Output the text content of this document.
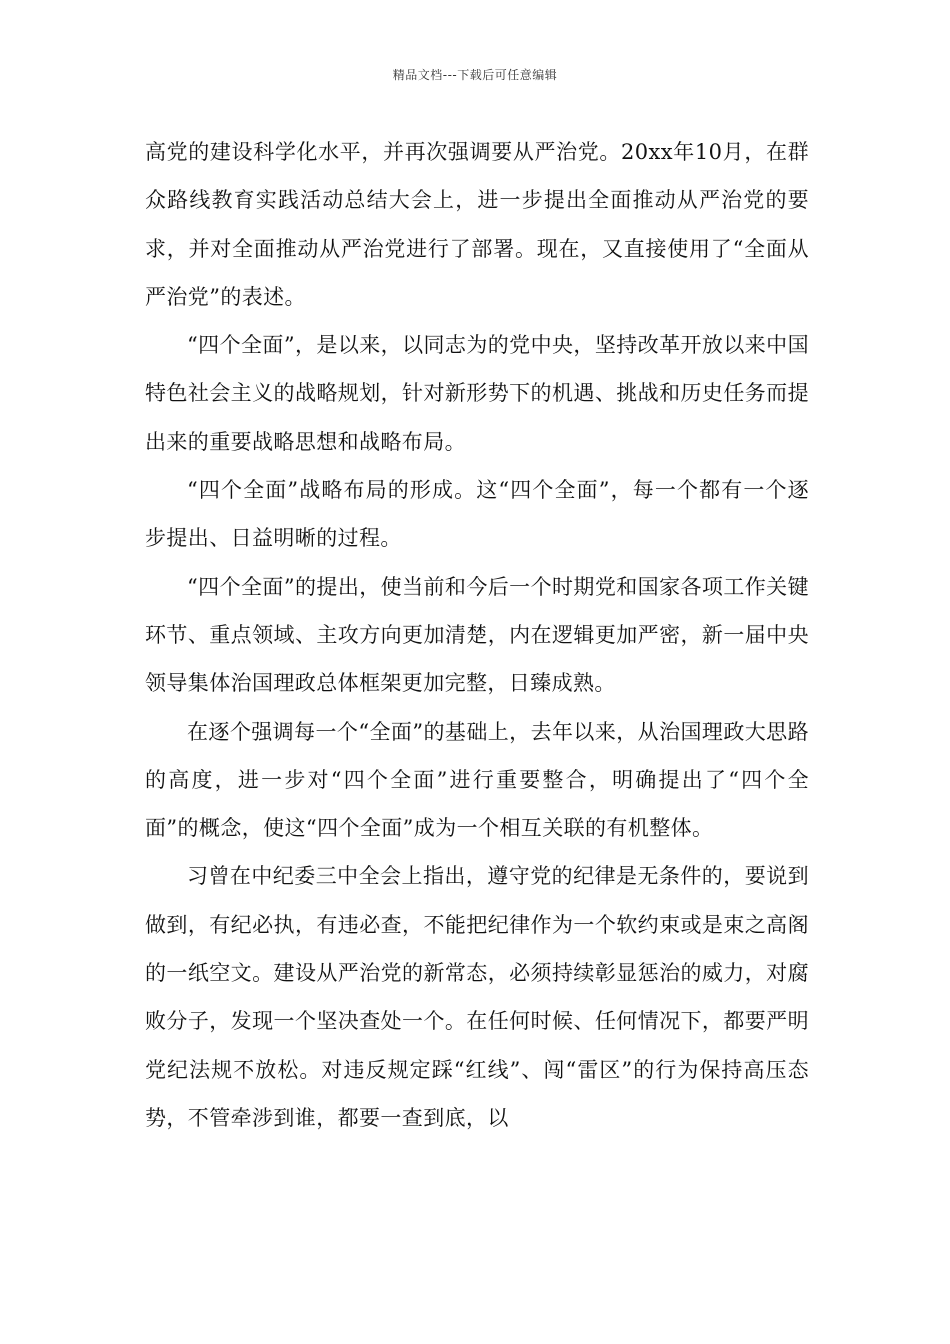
精品文档---下载后可任意编辑

高党的建设科学化水平，并再次强调要从严治党。20xx年10月，在群众路线教育实践活动总结大会上，进一步提出全面推动从严治党的要求，并对全面推动从严治党进行了部署。现在，又直接使用了“全面从严治党”的表述。

“四个全面”，是以来，以同志为的党中央，坚持改革开放以来中国特色社会主义的战略规划，针对新形势下的机遇、挑战和历史任务而提出来的重要战略思想和战略布局。

“四个全面”战略布局的形成。这“四个全面”，每一个都有一个逐步提出、日益明晰的过程。

“四个全面”的提出，使当前和今后一个时期党和国家各项工作关键环节、重点领域、主攻方向更加清楚，内在逻辑更加严密，新一届中央领导集体治国理政总体框架更加完整，日臻成熟。

在逐个强调每一个“全面”的基础上，去年以来，从治国理政大思路的高度，进一步对“四个全面”进行重要整合，明确提出了“四个全面”的概念，使这“四个全面”成为一个相互关联的有机整体。

习曾在中纪委三中全会上指出，遵守党的纪律是无条件的，要说到做到，有纪必执，有违必查，不能把纪律作为一个软约束或是束之高阁的一纸空文。建设从严治党的新常态，必须持续彰显惩治的威力，对腐败分子，发现一个坚决查处一个。在任何时候、任何情况下，都要严明党纪法规不放松。对违反规定踩“红线”、闯“雷区”的行为保持高压态势，不管牵涉到谁，都要一查到底，以
